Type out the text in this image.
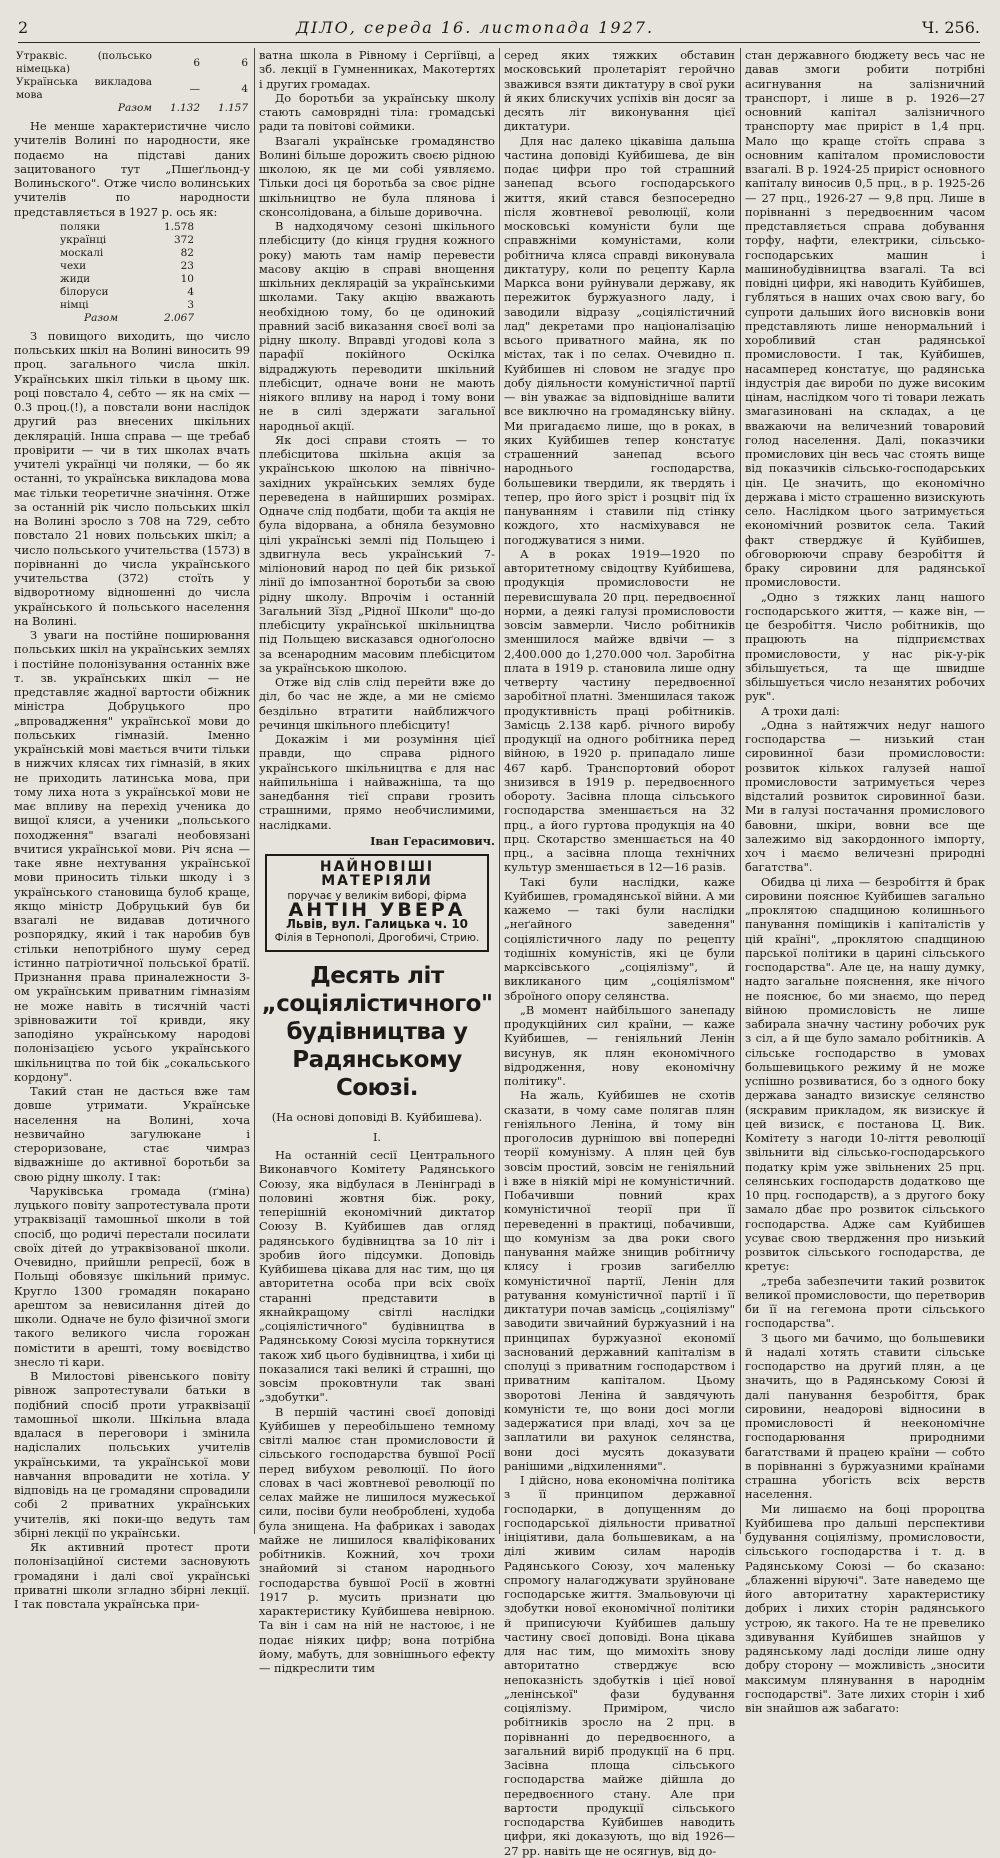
2	ДІЛО, середа 16. листопада 1927.	Ч. 256.
Утраквіс. (польсько німецька)	6	6
Українська викладова мова	—	4
Разом	1.132	1.157

Не менше характеристичне число учителів Волині по народности, яке подаємо на підставі даних зацитованого тут „Пшеґльонд-у Волиньского". Отже число волинських учителів по народности представляється в 1927 р. ось як:

поляки	1.578	
українці	372	
москалі	82	
чехи	23	
жиди	10	
білоруси	4	
німці	3	
Разом	2.067	

З повищого виходить, що число польських шкіл на Волині виносить 99 проц. загального числа шкіл. Українських шкіл тільки в цьому шк. році повстало 4, себто — як на сміх — 0.3 проц.(!), а повстали вони наслідок другий раз внесених шкільних деклярацій. Інша справа — ще требаб провірити — чи в тих школах вчать учителі українці чи поляки, — бо як останні, то українська викладова мова має тільки теоретичне значіння. Отже за останній рік число польських шкіл на Волині зросло з 708 на 729, себто повстало 21 нових польських шкіл; а число польського учительства (1573) в порівнанні до числа українського учительства (372) стоїть у відворотному відношенні до числа українського й польського населення на Волині.

З уваги на постійне поширювання польських шкіл на українських землях і постійне полонізування останніх вже т. зв. українських шкіл — не представляє жадної вартости обіжник міністра Добруцького про „впровадження" української мови до польських гімназій. Іменно українській мові мається вчити тільки в нижчих клясах тих гімназій, в яких не приходить латинська мова, при тому лиха нота з української мови не має впливу на перехід ученика до вищої кляси, а ученики „польського походження" взагалі необовязані вчитися української мови. Річ ясна — таке явне нехтування української мови приносить тільки шкоду і з українського становища булоб краще, якщо міністр Добруцький був би взагалі не видавав дотичного розпорядку, який і так наробив був стільки непотрібного шуму серед істинно патріотичної польської братії. Признання права приналежности 3-ом українським приватним гімназіям не може навіть в тисячній часті зрівноважити тої кривди, яку заподіяно українському народові полонізацією усього українського шкільництва по той бік „сокальського кордону".

Такий стан не дасться вже там довше утримати. Українське населення на Волині, хоча незвичайно загулюкане і стероризоване, стає чимраз відважніше до активної боротьби за свою рідну школу. І так:

Чаруківська громада (ґміна) луцького повіту запротестувала проти утраквізації тамошньої школи в той спосіб, що родичі перестали посилати своїх дітей до утраквізованої школи. Очевидно, прийшли репресії, бож в Польщі обовязує шкільний примус. Кругло 1300 громадян покарано арештом за невисилання дітей до школи. Одначе не було фізичної змоги такого великого числа горожан помістити в арешті, тому воєвідство знесло ті кари.

В Милостові рівенського повіту рівнож запротестували батьки в подібний спосіб проти утраквізації тамошньої школи. Шкільна влада вдалася в переговори і змінила надіслалих польських учителів українськими, та української мови навчання впровадити не хотіла. У відповідь на це громадяни спровадили собі 2 приватних українських учителів, які поки-що ведуть там збірні лекції по українськи.

Як активний протест проти полонізаційної системи засновують громадяни і далі свої українські приватні школи згладно збірні лекції. І так повстала українська при-

ватна школа в Рівному і Сергіївці, а зб. лекції в Гумненниках, Макотертях і других громадах.

До боротьби за українську школу стають самоврядні тіла: громадські ради та повітові соймики.

Взагалі українське громадянство Волині більше дорожить своєю рідною школою, як це ми собі уявляємо. Тільки досі ця боротьба за своє рідне шкільництво не була плянова і сконсолідована, а більше доривочна.

В надходячому сезоні шкільного плебісциту (до кінця грудня кожного року) мають там намір перевести масову акцію в справі внощення шкільних деклярацій за українськими школами. Таку акцію вважають необхідною тому, бо це одинокий правний засіб виказання своєї волі за рідну школу. Вправді угодові кола з парафії покійного Оскілка відраджують переводити шкільний плебісцит, одначе вони не мають ніякого впливу на народ і тому вони не в силі здержати загальної народньої акції.

Як досі справи стоять — то плебісцитова шкільна акція за українською школою на північно-західних українських землях буде переведена в найширших розмірах. Одначе слід подбати, щоби та акція не була відорвана, а обняла безумовно цілі українські землі під Польщею і здвигнула весь український 7-міліоновий народ по цей бік ризької лінії до імпозантної боротьби за свою рідну школу. Впрочім і останній Загальний Зїзд „Рідної Школи" що-до плебісциту української шкільництва під Польщею висказався одноґолосно за всенародним масовим плебісцитом за українською школою.

Отже від слів слід перейти вже до діл, бо час не жде, а ми не сміємо бездільно втратити найближчого речинця шкільного плебісциту!

Докажім і ми розуміння цієї правди, що справа рідного українського шкільництва є для нас найпильніша і найважніша, та що занедбання тієї справи грозить страшними, прямо необчислимими, наслідками.

Іван Герасимович.
НАЙНОВІШІ МАТЕРІЯЛИ
поручає у великім виборі, фірма
АНТІН УВЕРА
Львів, вул. Галицька ч. 10
Філія в Тернополі, Дрогобичі, Стрию.
Десять літ „соціялістичного" будівництва у Радянському Союзі.
(На основі доповіді В. Куйбишева).
I.

На останній сесії Центрального Виконавчого Комітету Радянського Союзу, яка відбулася в Ленінграді в половині жовтня біж. року, теперішній економічний диктатор Союзу В. Куйбишев дав огляд радянського будівництва за 10 літ і зробив його підсумки. Доповідь Куйбишева цікава для нас тим, що ця авторитетна особа при всіх своїх старанні представити в якнайкращому світлі наслідки „соціялістичного" будівництва в Радянському Союзі мусіла торкнутися також хиб цього будівництва, і хиби ці показалися такі великі й страшні, що зовсім проковтнули так звані „здобутки".

В першій частині своєї доповіді Куйбишев у переобільшено темному світлі малює стан промисловости й сільського господарства бувшої Росії перед вибухом революції. По його словах в часі жовтневої революції по селах майже не лишилося мужеської сили, посіви були необроблені, худоба була знищена. На фабриках і заводах майже не лишилося кваліфікованих робітників. Кожний, хоч трохи знайомий зі станом народнього господарства бувшої Росії в жовтні 1917 р. мусить признати цю характеристику Куйбишева невірною. Та він і сам на ній не настоює, і не подає ніяких цифр; вона потрібна йому, мабуть, для зовнішнього ефекту — підкреслити тим

серед яких тяжких обставин московський пролетаріят геройчно зважився взяти диктатуру в свої руки й яких блискучих успіхів він досяг за десять літ виконування цієї диктатури.

Для нас далеко цікавіша дальша частина доповіді Куйбишева, де він подає цифри про той страшний занепад всього господарського життя, який стався безпосередно після жовтневої революції, коли московські комуністи були ще справжніми комуністами, коли робітнича кляса справді виконувала диктатуру, коли по рецепту Карла Маркса вони руйнували державу, як пережиток буржуазного ладу, і заводили відразу „соціялістичний лад" декретами про націоналізацію всього приватного майна, як по містах, так і по селах. Очевидно п. Куйбишев ні словом не згадує про добу діяльности комуністичної партії — він уважає за відповідніше валити все виключно на громадянську війну. Ми пригадаємо лише, що в роках, в яких Куйбишев тепер констатує страшенний занепад всього народнього господарства, большевики твердили, як твердять і тепер, про його зріст і розцвіт під їх пануванням і ставили під стінку кождого, хто насміхувався не погоджуватися з ними.

А в роках 1919—1920 по авторитетному свідоцтву Куйбишева, продукція промисловости не перевисшувала 20 прц. передвоєнної норми, а деякі галузі промисловости зовсім завмерли. Число робітників зменшилося майже вдвічи — з 2,400.000 до 1,270.000 чол. Заробітна плата в 1919 р. становила лише одну четверту частину передвоєнної заробітної платні. Зменшилася також продуктивність праці робітників. Замісць 2.138 карб. річного виробу продукції на одного робітника перед війною, в 1920 р. припадало лише 467 карб. Транспортовий оборот знизився в 1919 р. передвоєнного обороту. Засівна площа сільського господарства зменшається на 32 прц., а його гуртова продукція на 40 прц. Скотарство зменшається на 40 прц., а засівна площа технічних культур зменшається в 12—16 разів.

Такі були наслідки, каже Куйбишев, громадянської війни. А ми кажемо — такі були наслідки „неґайного заведення" соціялістичного ладу по рецепту тодішніх комуністів, які це були марксівського „соціялізму", й викликаного цим „соціялізмом" зброїного опору селянства.

„В момент найбільшого занепаду продукційних сил країни, — каже Куйбишев, — геніяльний Ленін висунув, як плян економічного відродження, нову економічну політику".

На жаль, Куйбишев не схотів сказати, в чому саме полягав плян геніяльного Леніна, й тому він проголосив дурнішою вві попередні теорії комунізму. А плян цей був зовсім простий, зовсім не геніяльний і вже в ніякій мірі не комуністичний. Побачивши повний крах комуністичної теорії при її переведенні в практиці, побачивши, що комунізм за два роки свого панування майже знищив робітничу клясу і грозив загибеллю комуністичної партії, Ленін для ратування комуністичної партії і її диктатури почав замісць „соціялізму" заводити звичайний буржуазний і на принципах буржуазної економії заснований державний капіталізм в сполуці з приватним господарством і приватним капіталом. Цьому зворотові Леніна й завдячують комуністи те, що вони досі могли задержатися при владі, хоч за це заплатили ви рахунок селянства, вони досі мусять доказувати ранішими „відхиленнями".

І дійсно, нова економічна політика з її принципом державної господарки, в допущенням до господарської діяльности приватної ініціятиви, дала большевикам, а на ділі живим силам народів Радянського Союзу, хоч маленьку спромогу налагоджувати зруйноване господарське життя. Змальовуючи ці здобутки нової економічної політики й приписуючи Куйбишев дальшу частину своєї доповіді. Вона цікава для нас тим, що мимохіть знову авторитатно стверджує всю непоказність здобутків і цієї нової „ленінської" фази будування соціялізму. Приміром, число робітників зросло на 2 прц. в порівнанні до передвоєнного, а загальний виріб продукції на 6 прц. Засівна площа сільського господарства майже дійшла до передвоєнного стану. Але при вартости продукції сільського господарства Куйбишев наводить цифри, які доказують, що від 1926—27 рр. навіть ще не осягнув, від до-

стан державного бюджету весь час не давав змоги робити потрібні асигнування на залізничний транспорт, і лише в р. 1926—27 основний капітал залізничного транспорту має приріст в 1,4 прц. Мало що краще стоїть справа з основним капіталом промисловости взагалі. В р. 1924-25 приріст основного капіталу виносив 0,5 прц., в р. 1925-26 — 27 прц., 1926-27 — 9,8 прц. Лише в порівнанні з передвоєнним часом представляється справа добування торфу, нафти, електрики, сільсько-господарських машин і машинобудівництва взагалі. Та всі повідні цифри, які наводить Куйбишев, губляться в наших очах свою вагу, бо супроти дальших його висновків вони представляють лише ненормальний і хоробливий стан радянської промисловости. І так, Куйбишев, насамперед констатує, що радянська індустрія дає вироби по дуже високим цінам, наслідком чого ті товари лежать змагазиновані на складах, а це вважаючи на величезний товаровий голод населення. Далі, показчики промислових цін весь час стоять вище від показчиків сільсько-господарських цін. Це значить, що економічно держава і місто страшенно визискують село. Наслідком цього затримується економічний розвиток села. Такий факт стверджує й Куйбишев, обговорюючи справу безробіття й браку сировини для радянської промисловости.

„Одно з тяжких ланц нашого господарського життя, — каже він, — це безробіття. Число робітників, що працюють на підприємствах промисловости, у нас рік-у-рік збільшується, та ще швидше збільшується число незанятих робочих рук".

А трохи далі:

„Одна з найтяжчих недуг нашого господарства — низький стан сировинної бази промисловости: розвиток кількох галузей нашої промисловости затримується через відсталий розвиток сировинної бази. Ми в галузі постачання промислового бавовни, шкіри, вовни все ще залежимо від закордонного імпорту, хоч і маємо величезні природні багатства".

Обидва ці лиха — безробіття й брак сировини пояснює Куйбишев загально „проклятою спадщиною колишнього панування поміщиків і капіталістів у цій країні", „проклятою спадщиною парської політики в царині сільського господарства". Але це, на нашу думку, надто загальне пояснення, яке нічого не пояснює, бо ми знаємо, що перед війною промисловість не лише забирала значну частину робочих рук з сіл, а й ще було замало робітників. А сільське господарство в умовах большевицького режиму й не може успішно розвиватися, бо з одного боку держава занадто визискує селянство (яскравим прикладом, як визискує й цей визиск, є постанова Ц. Вик. Комітету з нагоди 10-ліття революції звільнити від сільсько-господарського податку крім уже звільнених 25 прц. селянських господарств додатково ще 10 прц. господарств), а з другого боку замало дбає про розвиток сільського господарства. Адже сам Куйбишев усуває свою твердження про низький розвиток сільського господарства, де кретує:

„треба забезпечити такий розвиток великої промисловости, що перетворив би її на гегемона проти сільського господарства".

З цього ми бачимо, що большевики й надалі хотять ставити сільське господарство на другий плян, а це значить, що в Радянському Союзі й далі панування безробіття, брак сировини, неадорові відносини в промисловості й неекономічне господарювання природними багатствами й працею країни — собто в порівнанні з буржуазними країнами страшна убогість всіх верств населення.

Ми лишаємо на боці пророцтва Куйбишева про дальші перспективи будування соціялізму, промисловости, сільського господарства і т. д. в Радянському Союзі — бо сказано: „блаженні віруючі". Зате наведемо ще його авторитатну характеристику добрих і лихих сторін радянського устрою, як такого. На те не превелико здивування Куйбишев знайшов у радянському ладі досліди лише одну добру сторону — можливість „зносити максимум плянування в народнім господарстві". Зате лихих сторін і хиб він знайшов аж забагато:
